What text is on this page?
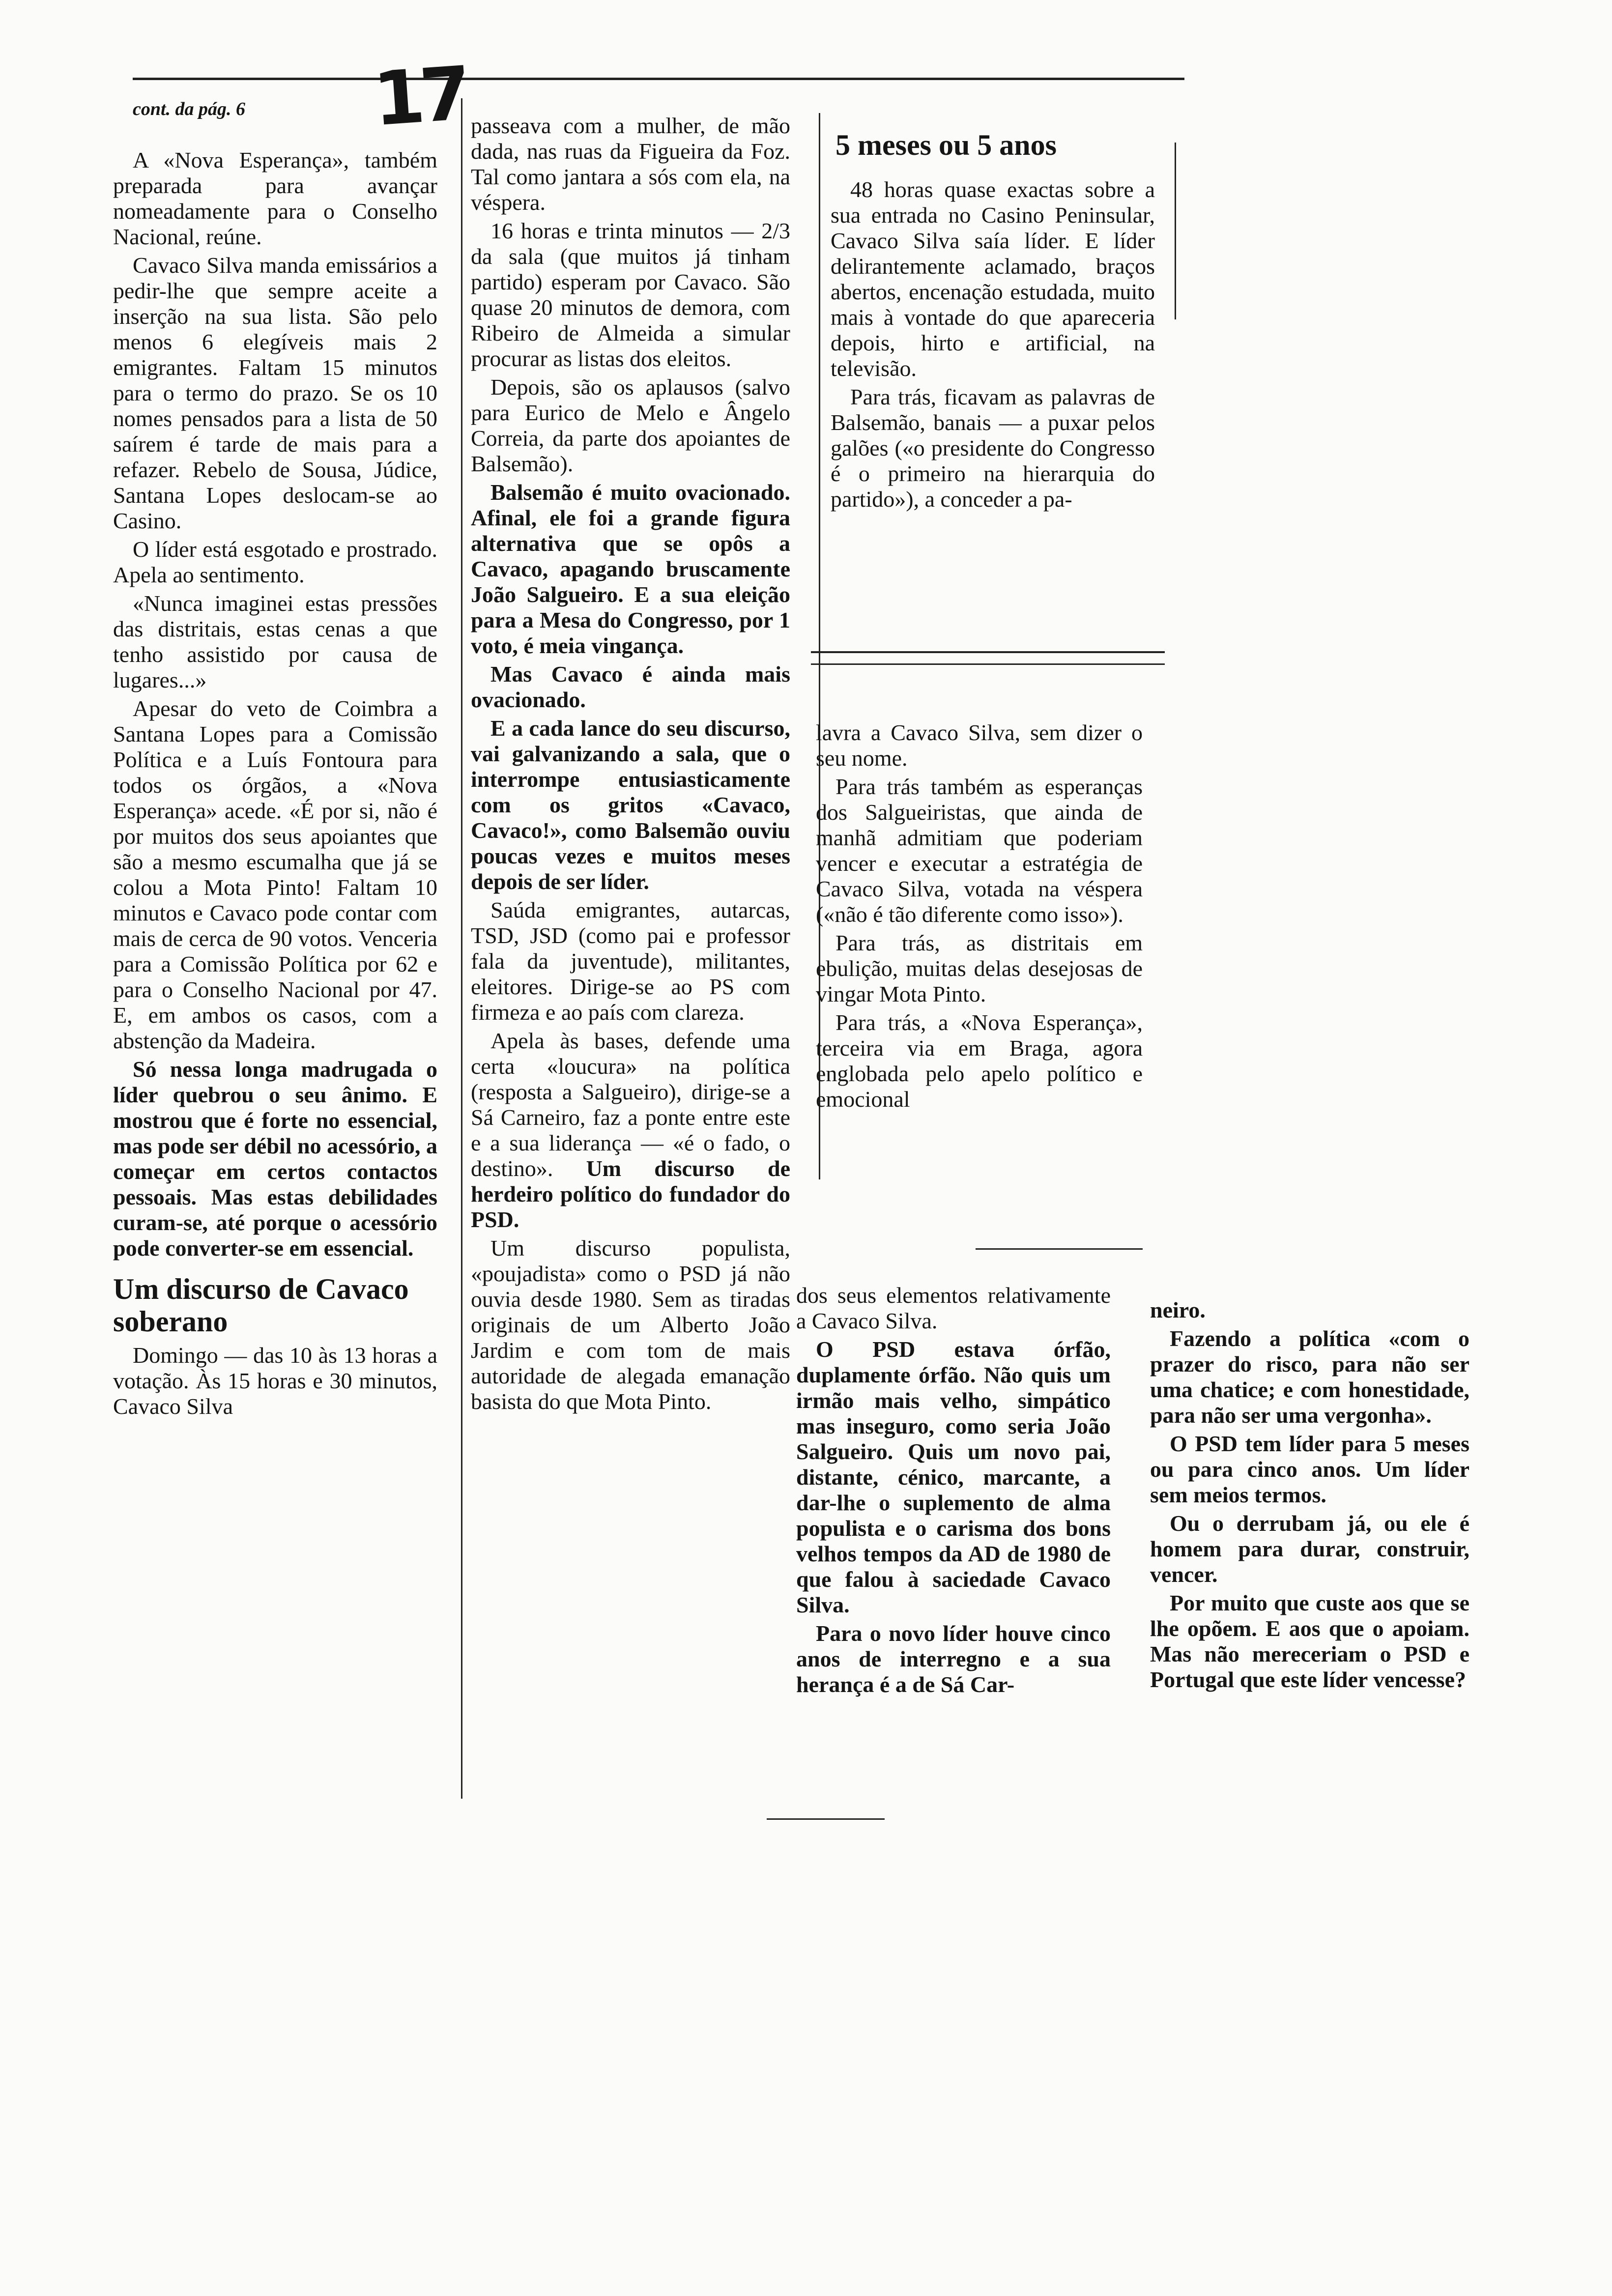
17
cont. da pág. 6

A «Nova Esperança», também preparada para avançar nomeadamente para o Conselho Nacional, reúne.

Cavaco Silva manda emissários a pedir-lhe que sempre aceite a inserção na sua lista. São pelo menos 6 elegíveis mais 2 emigrantes. Faltam 15 minutos para o termo do prazo. Se os 10 nomes pensados para a lista de 50 saírem é tarde de mais para a refazer. Rebelo de Sousa, Júdice, Santana Lopes deslocam-se ao Casino.

O líder está esgotado e prostrado. Apela ao sentimento.

«Nunca imaginei estas pressões das distritais, estas cenas a que tenho assistido por causa de lugares...»

Apesar do veto de Coimbra a Santana Lopes para a Comissão Política e a Luís Fontoura para todos os órgãos, a «Nova Esperança» acede. «É por si, não é por muitos dos seus apoiantes que são a mesmo escumalha que já se colou a Mota Pinto! Faltam 10 minutos e Cavaco pode contar com mais de cerca de 90 votos. Venceria para a Comissão Política por 62 e para o Conselho Nacional por 47. E, em ambos os casos, com a abstenção da Madeira.

Só nessa longa madrugada o líder quebrou o seu ânimo. E mostrou que é forte no essencial, mas pode ser débil no acessório, a começar em certos contactos pessoais. Mas estas debilidades curam-se, até porque o acessório pode converter-se em essencial.

Um discurso de Cavaco soberano

Domingo — das 10 às 13 horas a votação. Às 15 horas e 30 minutos, Cavaco Silva

passeava com a mulher, de mão dada, nas ruas da Figueira da Foz. Tal como jantara a sós com ela, na véspera.

16 horas e trinta minutos — 2/3 da sala (que muitos já tinham partido) esperam por Cavaco. São quase 20 minutos de demora, com Ribeiro de Almeida a simular procurar as listas dos eleitos.

Depois, são os aplausos (salvo para Eurico de Melo e Ângelo Correia, da parte dos apoiantes de Balsemão).

Balsemão é muito ovacionado. Afinal, ele foi a grande figura alternativa que se opôs a Cavaco, apagando bruscamente João Salgueiro. E a sua eleição para a Mesa do Congresso, por 1 voto, é meia vingança.

Mas Cavaco é ainda mais ovacionado.

E a cada lance do seu discurso, vai galvanizando a sala, que o interrompe entusiasticamente com os gritos «Cavaco, Cavaco!», como Balsemão ouviu poucas vezes e muitos meses depois de ser líder.

Saúda emigrantes, autarcas, TSD, JSD (como pai e professor fala da juventude), militantes, eleitores. Dirige-se ao PS com firmeza e ao país com clareza.

Apela às bases, defende uma certa «loucura» na política (resposta a Salgueiro), dirige-se a Sá Carneiro, faz a ponte entre este e a sua liderança — «é o fado, o destino». Um discurso de herdeiro político do fundador do PSD.

Um discurso populista, «poujadista» como o PSD já não ouvia desde 1980. Sem as tiradas originais de um Alberto João Jardim e com tom de mais autoridade de alegada emanação basista do que Mota Pinto.

5 meses ou 5 anos

48 horas quase exactas sobre a sua entrada no Casino Peninsular, Cavaco Silva saía líder. E líder delirantemente aclamado, braços abertos, encenação estudada, muito mais à vontade do que apareceria depois, hirto e artificial, na televisão.

Para trás, ficavam as palavras de Balsemão, banais — a puxar pelos galões («o presidente do Congresso é o primeiro na hierarquia do partido»), a conceder a pa-

lavra a Cavaco Silva, sem dizer o seu nome.

Para trás também as esperanças dos Salgueiristas, que ainda de manhã admitiam que poderiam vencer e executar a estratégia de Cavaco Silva, votada na véspera («não é tão diferente como isso»).

Para trás, as distritais em ebulição, muitas delas desejosas de vingar Mota Pinto.

Para trás, a «Nova Esperança», terceira via em Braga, agora englobada pelo apelo político e emocional

dos seus elementos relativamente a Cavaco Silva.

O PSD estava órfão, duplamente órfão. Não quis um irmão mais velho, simpático mas inseguro, como seria João Salgueiro. Quis um novo pai, distante, cénico, marcante, a dar-lhe o suplemento de alma populista e o carisma dos bons velhos tempos da AD de 1980 de que falou à saciedade Cavaco Silva.

Para o novo líder houve cinco anos de interregno e a sua herança é a de Sá Car-

neiro.

Fazendo a política «com o prazer do risco, para não ser uma chatice; e com honestidade, para não ser uma vergonha».

O PSD tem líder para 5 meses ou para cinco anos. Um líder sem meios termos.

Ou o derrubam já, ou ele é homem para durar, construir, vencer.

Por muito que custe aos que se lhe opõem. E aos que o apoiam. Mas não mereceriam o PSD e Portugal que este líder vencesse?
